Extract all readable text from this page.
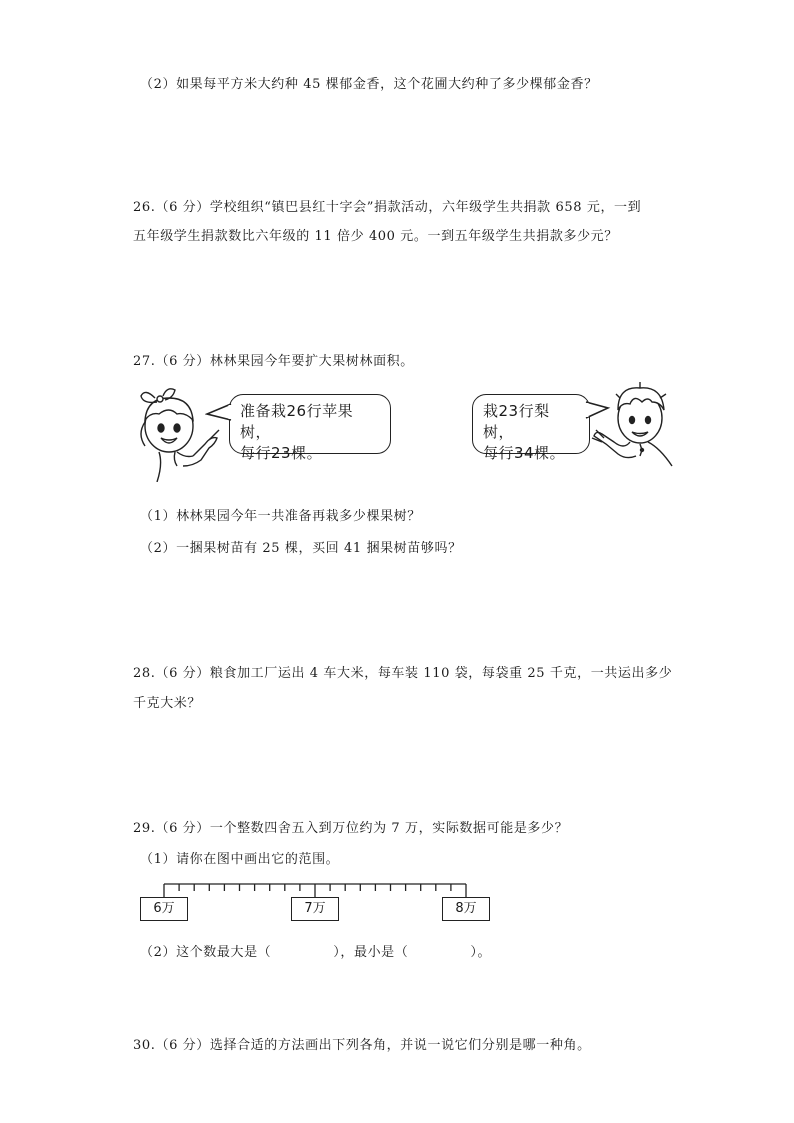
（2）如果每平方米大约种 45 棵郁金香，这个花圃大约种了多少棵郁金香？
26.（6 分）学校组织“镇巴县红十字会”捐款活动，六年级学生共捐款 658 元，一到
五年级学生捐款数比六年级的 11 倍少 400 元。一到五年级学生共捐款多少元？
27.（6 分）林林果园今年要扩大果树林面积。
准备栽26行苹果树，
每行23棵。
栽23行梨树，
每行34棵。
（1）林林果园今年一共准备再栽多少棵果树？
（2）一捆果树苗有 25 棵，买回 41 捆果树苗够吗？
28.（6 分）粮食加工厂运出 4 车大米，每车装 110 袋，每袋重 25 千克，一共运出多少
千克大米？
29.（6 分）一个整数四舍五入到万位约为 7 万，实际数据可能是多少？
（1）请你在图中画出它的范围。
6万	7万	8万
（2）这个数最大是（	），最小是（	）。
30.（6 分）选择合适的方法画出下列各角，并说一说它们分别是哪一种角。
